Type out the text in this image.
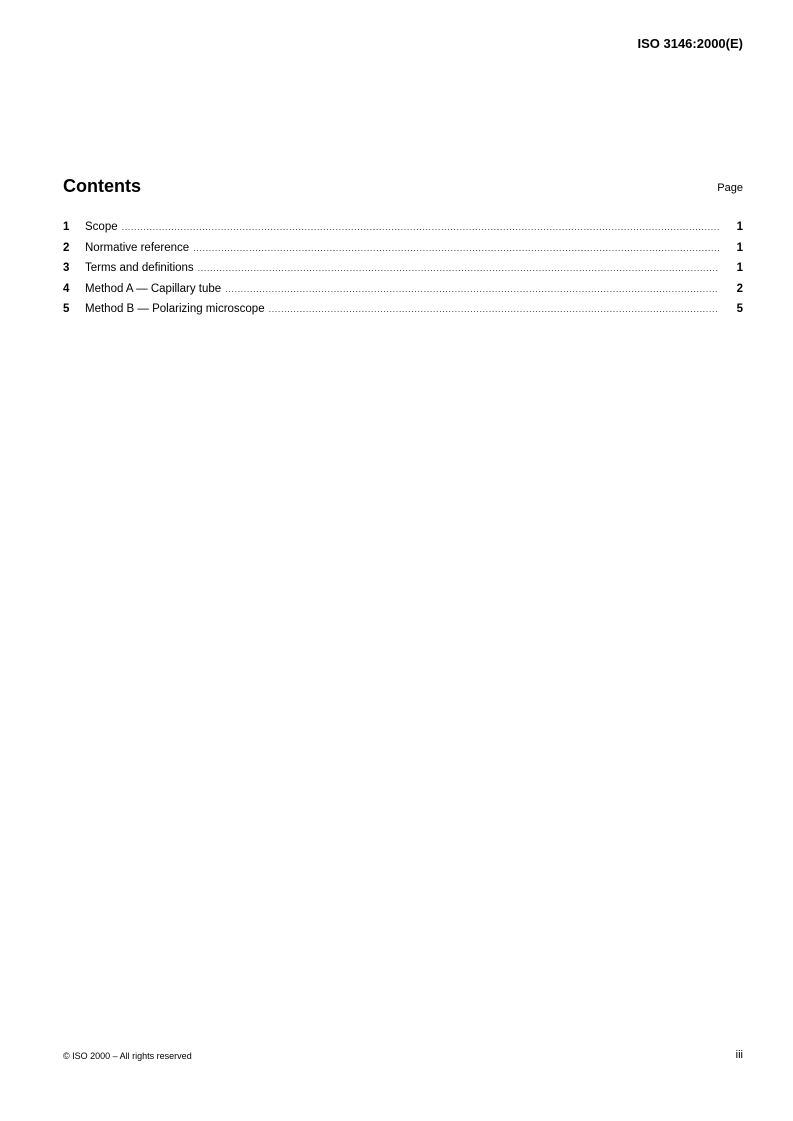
ISO 3146:2000(E)
Contents	Page
1	Scope .....	1
2	Normative reference .....	1
3	Terms and definitions .....	1
4	Method A — Capillary tube .....	2
5	Method B — Polarizing microscope .....	5
© ISO 2000 – All rights reserved	iii
